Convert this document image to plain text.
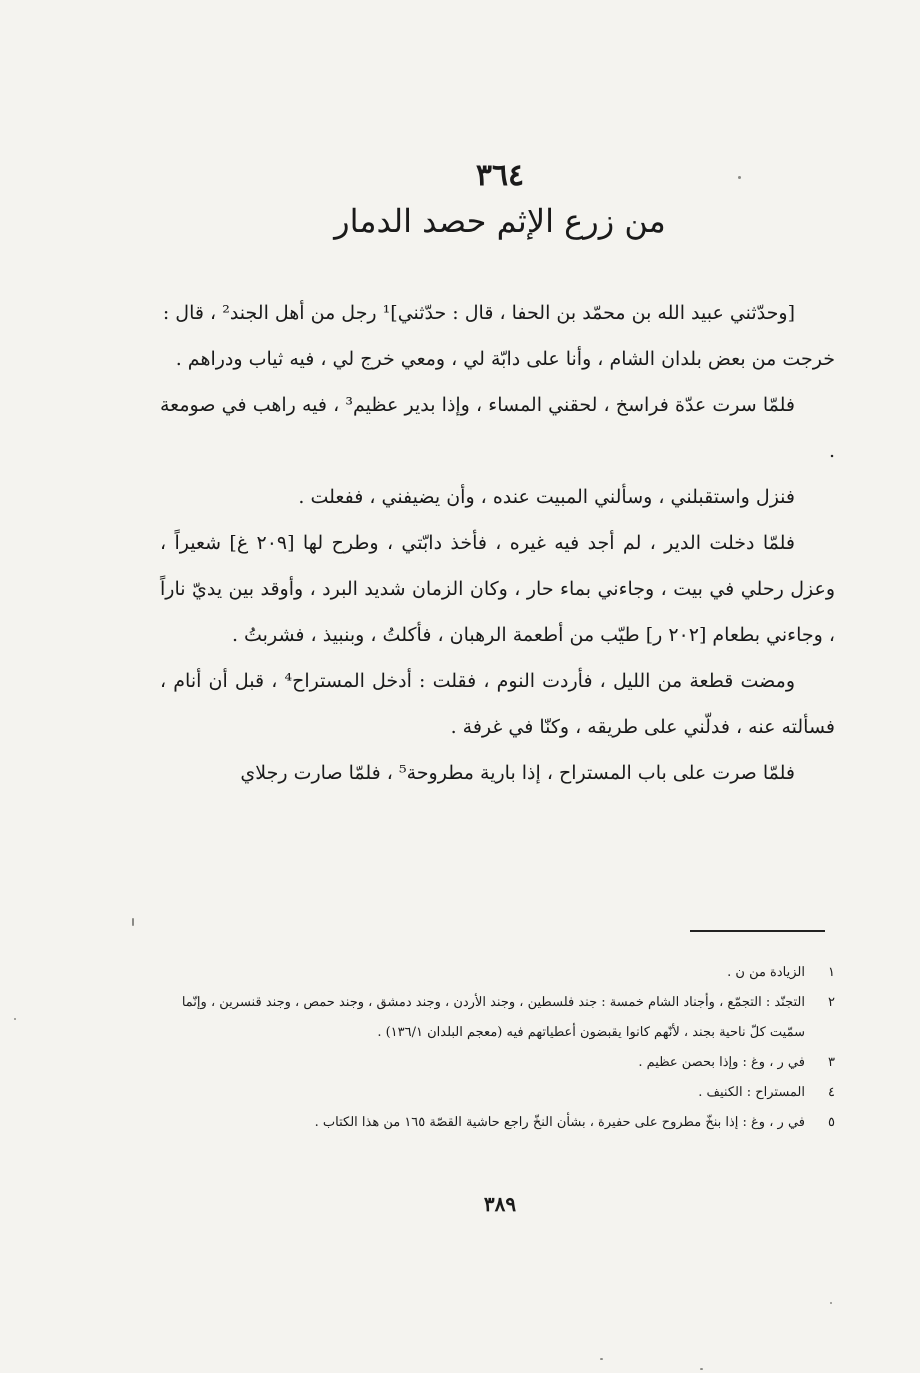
٣٦٤
من زرع الإثم حصد الدمار

[وحدّثني عبيد الله بن محمّد بن الحفا ، قال : حدّثني]¹ رجل من أهل الجند² ، قال :

خرجت من بعض بلدان الشام ، وأنا على دابّة لي ، ومعي خرج لي ، فيه ثياب ودراهم .

فلمّا سرت عدّة فراسخ ، لحقني المساء ، وإذا بدير عظيم³ ، فيه راهب في صومعة .

فنزل واستقبلني ، وسألني المبيت عنده ، وأن يضيفني ، ففعلت .

فلمّا دخلت الدير ، لم أجد فيه غيره ، فأخذ دابّتي ، وطرح لها [٢٠٩ غ] شعيراً ، وعزل رحلي في بيت ، وجاءني بماء حار ، وكان الزمان شديد البرد ، وأوقد بين يديّ ناراً ، وجاءني بطعام [٢٠٢ ر] طيّب من أطعمة الرهبان ، فأكلتُ ، وبنبيذ ، فشربتُ .

ومضت قطعة من الليل ، فأردت النوم ، فقلت : أدخل المستراح⁴ ، قبل أن أنام ، فسألته عنه ، فدلّني على طريقه ، وكنّا في غرفة .

فلمّا صرت على باب المستراح ، إذا بارية مطروحة⁵ ، فلمّا صارت رجلاي

١
الزيادة من ن .
٢
التجنّد : التجمّع ، وأجناد الشام خمسة : جند فلسطين ، وجند الأردن ، وجند دمشق ، وجند حمص ، وجند قنسرين ، وإنّما سمّيت كلّ ناحية بجند ، لأنّهم كانوا يقبضون أعطياتهم فيه (معجم البلدان ١٣٦/١) .
٣
في ر ، وغ : وإذا بحصن عظيم .
٤
المستراح : الكنيف .
٥
في ر ، وغ : إذا بنخّ مطروح على حفيرة ، بشأن النخّ راجع حاشية القصّة ١٦٥ من هذا الكتاب .
٣٨٩
